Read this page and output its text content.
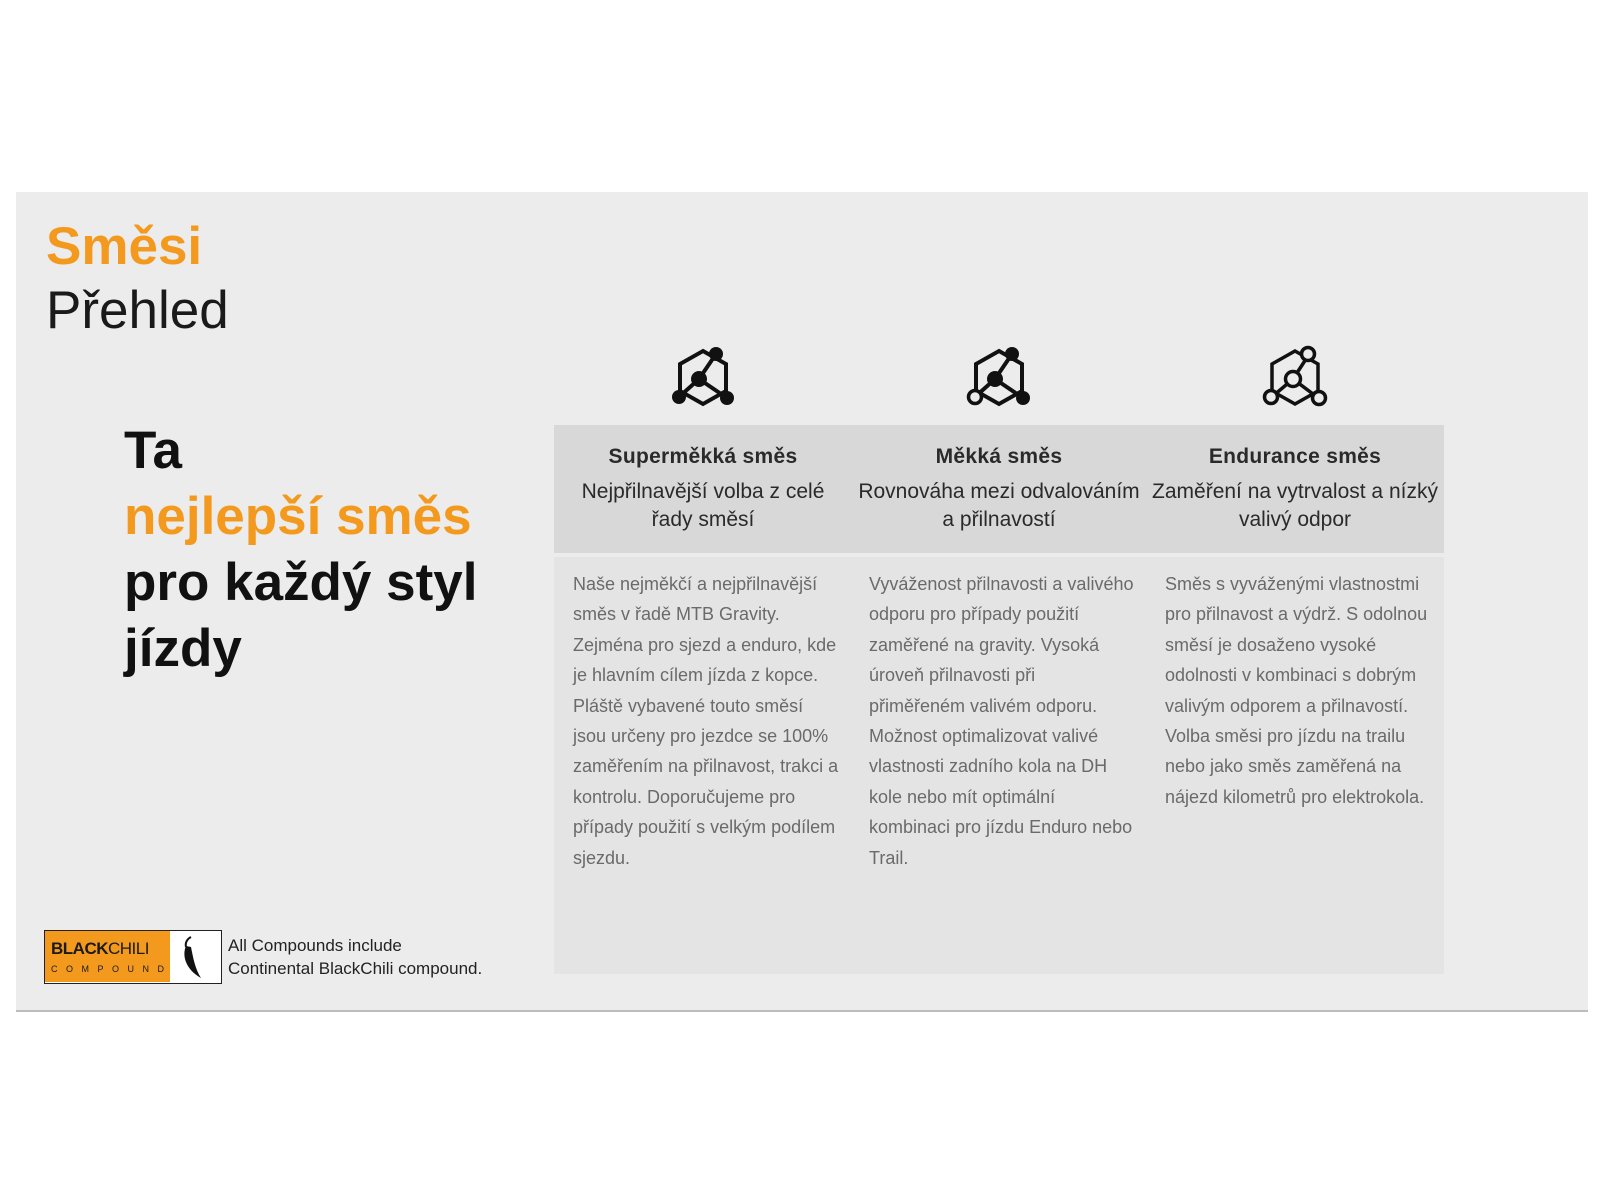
Směsi
Přehled
Ta
nejlepší směs
pro každý styl
jízdy
Superměkká směs
Nejpřilnavější volba z celé řady směsí
Naše nejměkčí a nejpřilnavější směs v řadě MTB Gravity. Zejména pro sjezd a enduro, kde je hlavním cílem jízda z kopce. Pláště vybavené touto směsí jsou určeny pro jezdce se 100% zaměřením na přilnavost, trakci a kontrolu. Doporučujeme pro případy použití s velkým podílem sjezdu.
Měkká směs
Rovnováha mezi odvalováním a přilnavostí
Vyváženost přilnavosti a valivého odporu pro případy použití zaměřené na gravity. Vysoká úroveň přilnavosti při přiměřeném valivém odporu. Možnost optimalizovat valivé vlastnosti zadního kola na DH kole nebo mít optimální kombinaci pro jízdu Enduro nebo Trail.
Endurance směs
Zaměření na vytrvalost a nízký valivý odpor
Směs s vyváženými vlastnostmi pro přilnavost a výdrž. S odolnou směsí je dosaženo vysoké odolnosti v kombinaci s dobrým valivým odporem a přilnavostí. Volba směsi pro jízdu na trailu nebo jako směs zaměřená na nájezd kilometrů pro elektrokola.
BLACKCHILI
COMPOUND
All Compounds include
Continental BlackChili compound.
